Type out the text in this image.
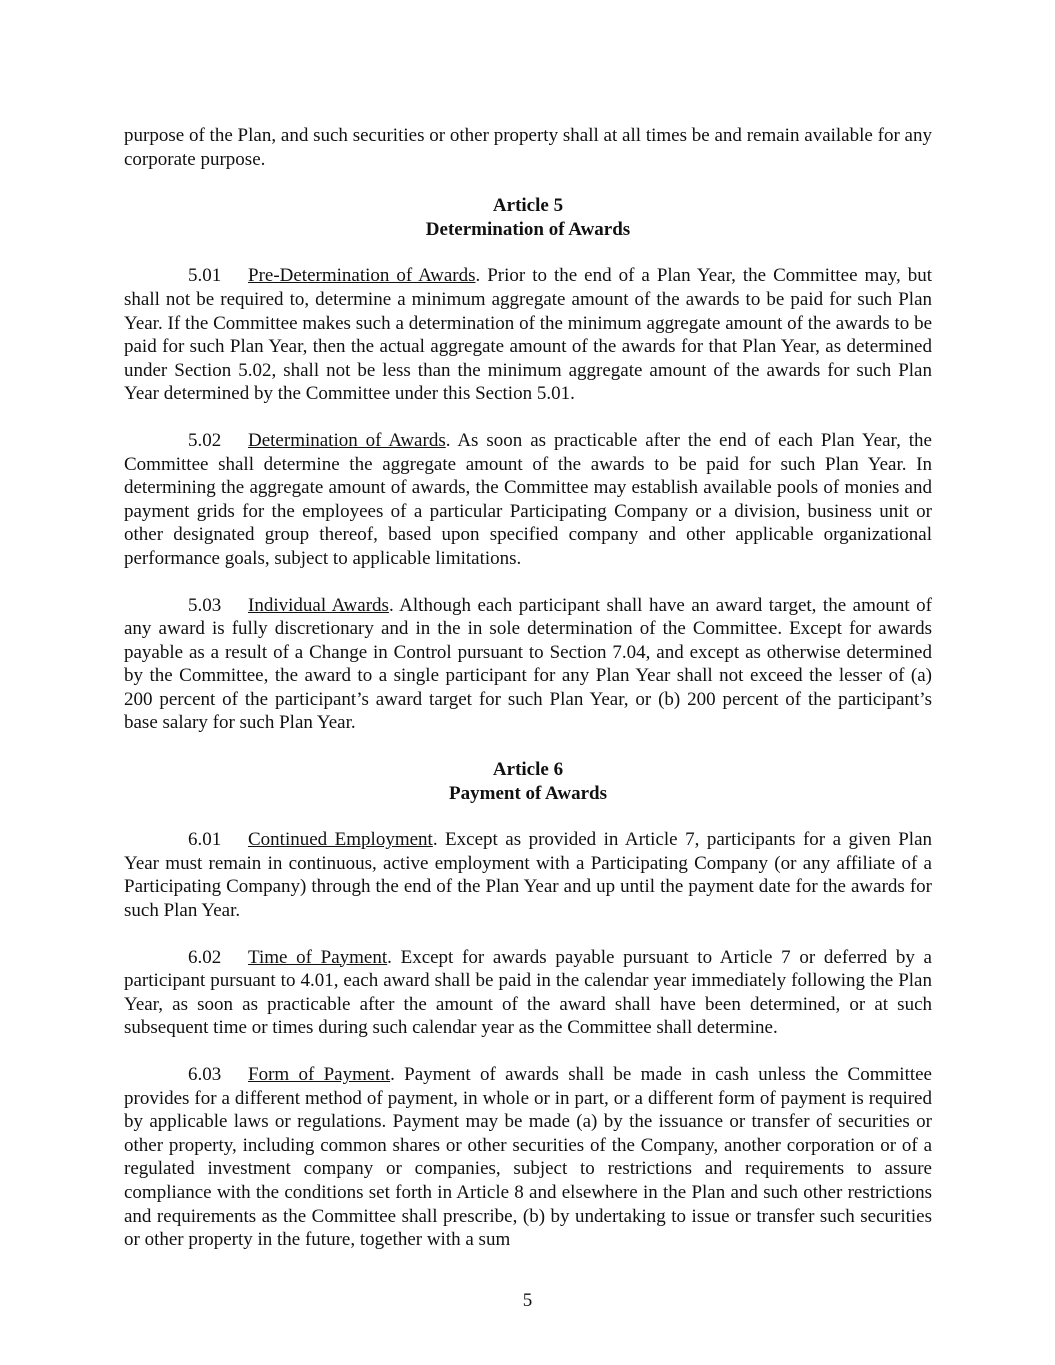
purpose of the Plan, and such securities or other property shall at all times be and remain available for any corporate purpose.

Article 5
Determination of Awards

5.01 Pre-Determination of Awards. Prior to the end of a Plan Year, the Committee may, but shall not be required to, determine a minimum aggregate amount of the awards to be paid for such Plan Year. If the Committee makes such a determination of the minimum aggregate amount of the awards to be paid for such Plan Year, then the actual aggregate amount of the awards for that Plan Year, as determined under Section 5.02, shall not be less than the minimum aggregate amount of the awards for such Plan Year determined by the Committee under this Section 5.01.

5.02 Determination of Awards. As soon as practicable after the end of each Plan Year, the Committee shall determine the aggregate amount of the awards to be paid for such Plan Year. In determining the aggregate amount of awards, the Committee may establish available pools of monies and payment grids for the employees of a particular Participating Company or a division, business unit or other designated group thereof, based upon specified company and other applicable organizational performance goals, subject to applicable limitations.

5.03 Individual Awards. Although each participant shall have an award target, the amount of any award is fully discretionary and in the in sole determination of the Committee. Except for awards payable as a result of a Change in Control pursuant to Section 7.04, and except as otherwise determined by the Committee, the award to a single participant for any Plan Year shall not exceed the lesser of (a) 200 percent of the participant’s award target for such Plan Year, or (b) 200 percent of the participant’s base salary for such Plan Year.

Article 6
Payment of Awards

6.01 Continued Employment. Except as provided in Article 7, participants for a given Plan Year must remain in continuous, active employment with a Participating Company (or any affiliate of a Participating Company) through the end of the Plan Year and up until the payment date for the awards for such Plan Year.

6.02 Time of Payment. Except for awards payable pursuant to Article 7 or deferred by a participant pursuant to 4.01, each award shall be paid in the calendar year immediately following the Plan Year, as soon as practicable after the amount of the award shall have been determined, or at such subsequent time or times during such calendar year as the Committee shall determine.

6.03 Form of Payment. Payment of awards shall be made in cash unless the Committee provides for a different method of payment, in whole or in part, or a different form of payment is required by applicable laws or regulations. Payment may be made (a) by the issuance or transfer of securities or other property, including common shares or other securities of the Company, another corporation or of a regulated investment company or companies, subject to restrictions and requirements to assure compliance with the conditions set forth in Article 8 and elsewhere in the Plan and such other restrictions and requirements as the Committee shall prescribe, (b) by undertaking to issue or transfer such securities or other property in the future, together with a sum

5
